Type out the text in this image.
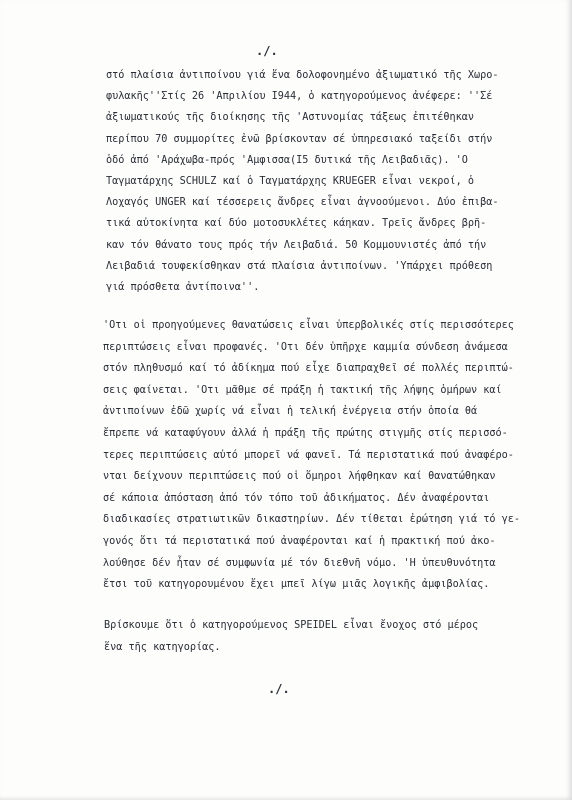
./.
στό πλαίσια ἀντιποίνου γιά ἕνα δολοφονημένο ἀξιωματικό τῆς Χωρο-
φυλακῆς''Στίς 26 'Απριλίου Ι944, ὁ κατηγορούμενος ἀνέφερε: ''Σέ
ἀξιωματικούς τῆς διοίκησης τῆς 'Αστυνομίας τάξεως ἐπιτέθηκαν
περίπου 70 συμμορίτες ἐνῶ βρίσκονταν σέ ὑπηρεσιακό ταξείδι στήν
ὁδό ἀπό 'Αράχωβα-πρός 'Αμφισσα(Ι5 δυτικά τῆς Λειβαδιᾶς). 'Ο
Ταγματάρχης SCHULZ καί ὁ Ταγματάρχης KRUEGER εἶναι νεκροί, ὁ
Λοχαγός UNGER καί τέσσερεις ἄνδρες εἶναι ἀγνοούμενοι. Δύο ἐπιβα-
τικά αὐτοκίνητα καί δύο μοτοσυκλέτες κάηκαν. Τρεῖς ἄνδρες βρῆ-
καν τόν θάνατο τους πρός τήν Λειβαδιά. 50 Κομμουνιστές ἀπό τήν
Λειβαδιά τουφεκίσθηκαν στά πλαίσια ἀντιποίνων. 'Υπάρχει πρόθεση
γιά πρόσθετα ἀντίποινα''.
'Οτι οἱ προηγούμενες θανατώσεις εἶναι ὑπερβολικές στίς περισσότερες
περιπτώσεις εἶναι προφανές. 'Οτι δέν ὑπῆρχε καμμία σύνδεση ἀνάμεσα
στόν πληθυσμό καί τό ἀδίκημα πού εἶχε διαπραχθεῖ σέ πολλές περιπτώ-
σεις φαίνεται. 'Οτι μᾶθμε σέ πράξη ἡ τακτική τῆς λήψης ὁμήρων καί
ἀντιποίνων ἐδῶ χωρίς νά εἶναι ἡ τελική ἐνέργεια στήν ὁποία θά
ἔπρεπε νά καταφύγουν ἀλλά ἡ πράξη τῆς πρώτης στιγμῆς στίς περισσό-
τερες περιπτώσεις αὐτό μπορεῖ νά φανεῖ. Τά περιστατικά πού ἀναφέρο-
νται δείχνουν περιπτώσεις πού οἱ ὅμηροι λήφθηκαν καί θανατώθηκαν
σέ κάποια ἀπόσταση ἀπό τόν τόπο τοῦ ἀδικήματος. Δέν ἀναφέρονται
διαδικασίες στρατιωτικῶν δικαστηρίων. Δέν τίθεται ἐρώτηση γιά τό γε-
γονός ὅτι τά περιστατικά πού ἀναφέρονται καί ἡ πρακτική πού ἀκο-
λούθησε δέν ἦταν σέ συμφωνία μέ τόν διεθνῆ νόμο. 'Η ὑπευθυνότητα
ἔτσι τοῦ κατηγορουμένου ἔχει μπεῖ λίγω μιᾶς λογικῆς ἀμφιβολίας.
Βρίσκουμε ὅτι ὁ κατηγορούμενος SPEIDEL εἶναι ἔνοχος στό μέρος
ἕνα τῆς κατηγορίας.
./.
